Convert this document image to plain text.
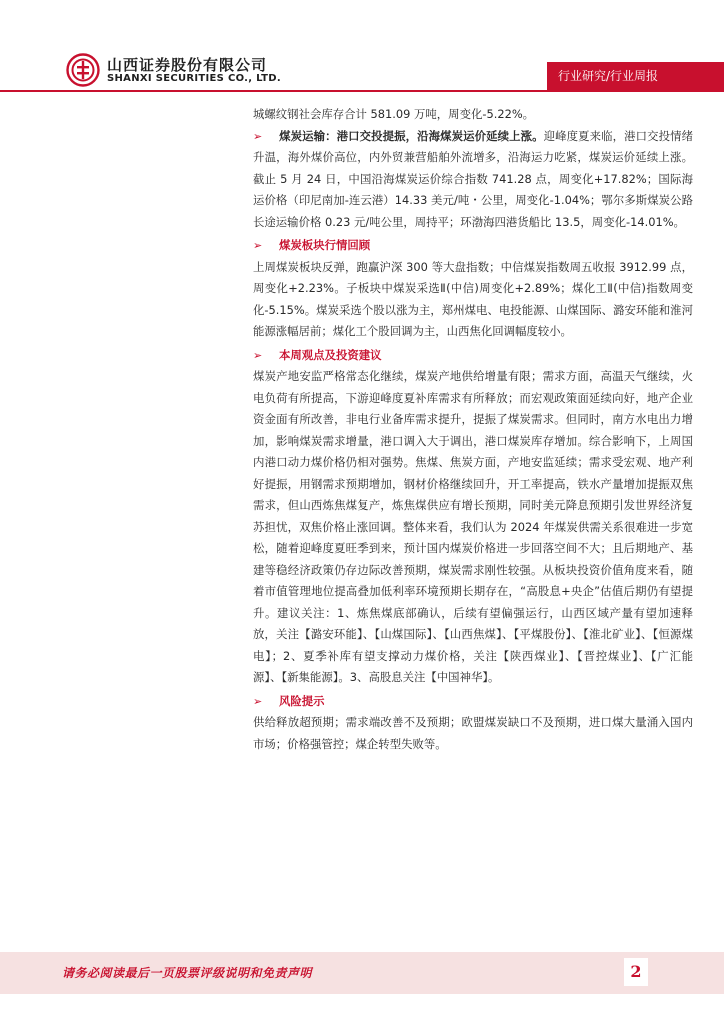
山西证券股份有限公司
SHANXI SECURITIES CO., LTD.	行业研究/行业周报
城螺纹钢社会库存合计 581.09 万吨，周变化-5.22%。
➢ 煤炭运输：港口交投提振，沿海煤炭运价延续上涨。迎峰度夏来临，港口交投情绪升温，海外煤价高位，内外贸兼营船舶外流增多，沿海运力吃紧，煤炭运价延续上涨。截止 5 月 24 日，中国沿海煤炭运价综合指数 741.28 点，周变化+17.82%；国际海运价格（印尼南加-连云港）14.33 美元/吨・公里，周变化-1.04%；鄂尔多斯煤炭公路长途运输价格 0.23 元/吨公里，周持平；环渤海四港货船比 13.5，周变化-14.01%。
➢	煤炭板块行情回顾
上周煤炭板块反弹，跑赢沪深 300 等大盘指数；中信煤炭指数周五收报 3912.99 点，周变化+2.23%。子板块中煤炭采选Ⅱ(中信)周变化+2.89%；煤化工Ⅱ(中信)指数周变化-5.15%。煤炭采选个股以涨为主，郑州煤电、电投能源、山煤国际、潞安环能和淮河能源涨幅居前；煤化工个股回调为主，山西焦化回调幅度较小。
➢	本周观点及投资建议
煤炭产地安监严格常态化继续，煤炭产地供给增量有限；需求方面，高温天气继续，火电负荷有所提高，下游迎峰度夏补库需求有所释放；而宏观政策面延续向好，地产企业资金面有所改善，非电行业备库需求提升，提振了煤炭需求。但同时，南方水电出力增加，影响煤炭需求增量，港口调入大于调出，港口煤炭库存增加。综合影响下，上周国内港口动力煤价格仍相对强势。焦煤、焦炭方面，产地安监延续；需求受宏观、地产利好提振，用钢需求预期增加，钢材价格继续回升，开工率提高，铁水产量增加提振双焦需求，但山西炼焦煤复产，炼焦煤供应有增长预期，同时美元降息预期引发世界经济复苏担忧，双焦价格止涨回调。整体来看，我们认为 2024 年煤炭供需关系很难进一步宽松，随着迎峰度夏旺季到来，预计国内煤炭价格进一步回落空间不大；且后期地产、基建等稳经济政策仍存边际改善预期，煤炭需求刚性较强。从板块投资价值角度来看，随着市值管理地位提高叠加低利率环境预期长期存在，“高股息+央企”估值后期仍有望提升。建议关注：1、炼焦煤底部确认，后续有望偏强运行，山西区域产量有望加速释放，关注【潞安环能】、【山煤国际】、【山西焦煤】、【平煤股份】、【淮北矿业】、【恒源煤电】；2、夏季补库有望支撑动力煤价格，关注【陕西煤业】、【晋控煤业】、【广汇能源】、【新集能源】。3、高股息关注【中国神华】。
➢	风险提示
供给释放超预期；需求端改善不及预期；欧盟煤炭缺口不及预期，进口煤大量涌入国内市场；价格强管控；煤企转型失败等。
请务必阅读最后一页股票评级说明和免责声明	2
